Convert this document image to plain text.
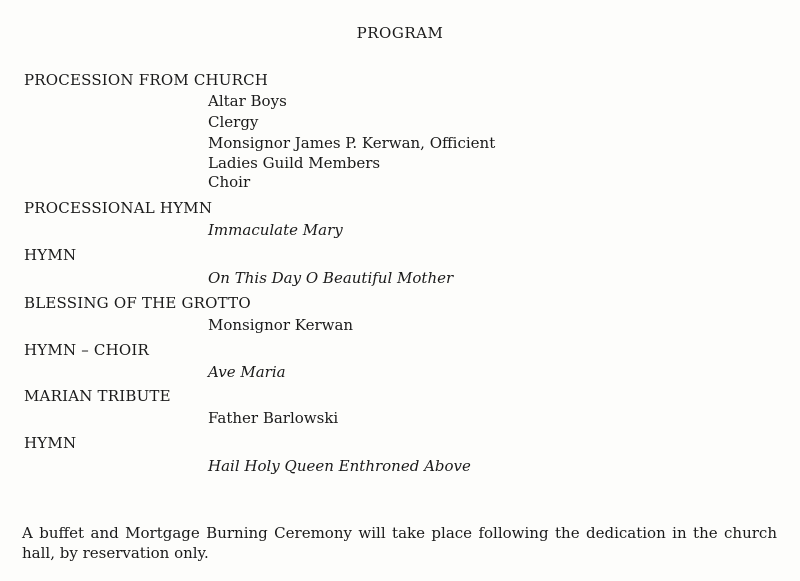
PROGRAM
PROCESSION FROM CHURCH
Altar Boys
Clergy
Monsignor James P. Kerwan, Officient
Ladies Guild Members
Choir
PROCESSIONAL HYMN
Immaculate Mary
HYMN
On This Day O Beautiful Mother
BLESSING OF THE GROTTO
Monsignor Kerwan
HYMN – CHOIR
Ave Maria
MARIAN TRIBUTE
Father Barlowski
HYMN
Hail Holy Queen Enthroned Above
A buffet and Mortgage Burning Ceremony will take place following the dedication in the church hall, by reservation only.
